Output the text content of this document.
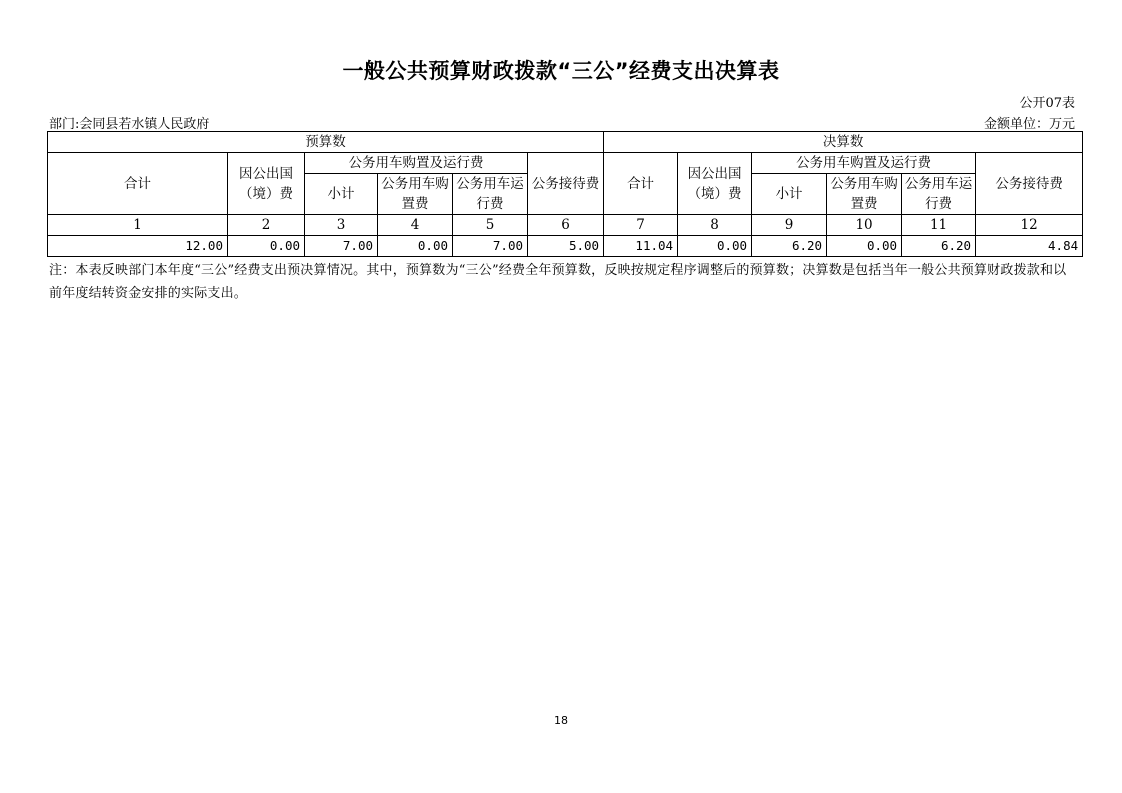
一般公共预算财政拨款“三公”经费支出决算表
公开07表
部门:会同县若水镇人民政府	金额单位：万元
预算数						决算数					
合计	因公出国（境）费	公务用车购置及运行费			公务接待费	合计	因公出国（境）费	公务用车购置及运行费			公务接待费
		小计	公务用车购置费	公务用车运行费				小计	公务用车购置费	公务用车运行费	
1	2	3	4	5	6	7	8	9	10	11	12
12.00	0.00	7.00	0.00	7.00	5.00	11.04	0.00	6.20	0.00	6.20	4.84
注：本表反映部门本年度“三公”经费支出预决算情况。其中，预算数为“三公”经费全年预算数，反映按规定程序调整后的预算数；决算数是包括当年一般公共预算财政拨款和以前年度结转资金安排的实际支出。
18
